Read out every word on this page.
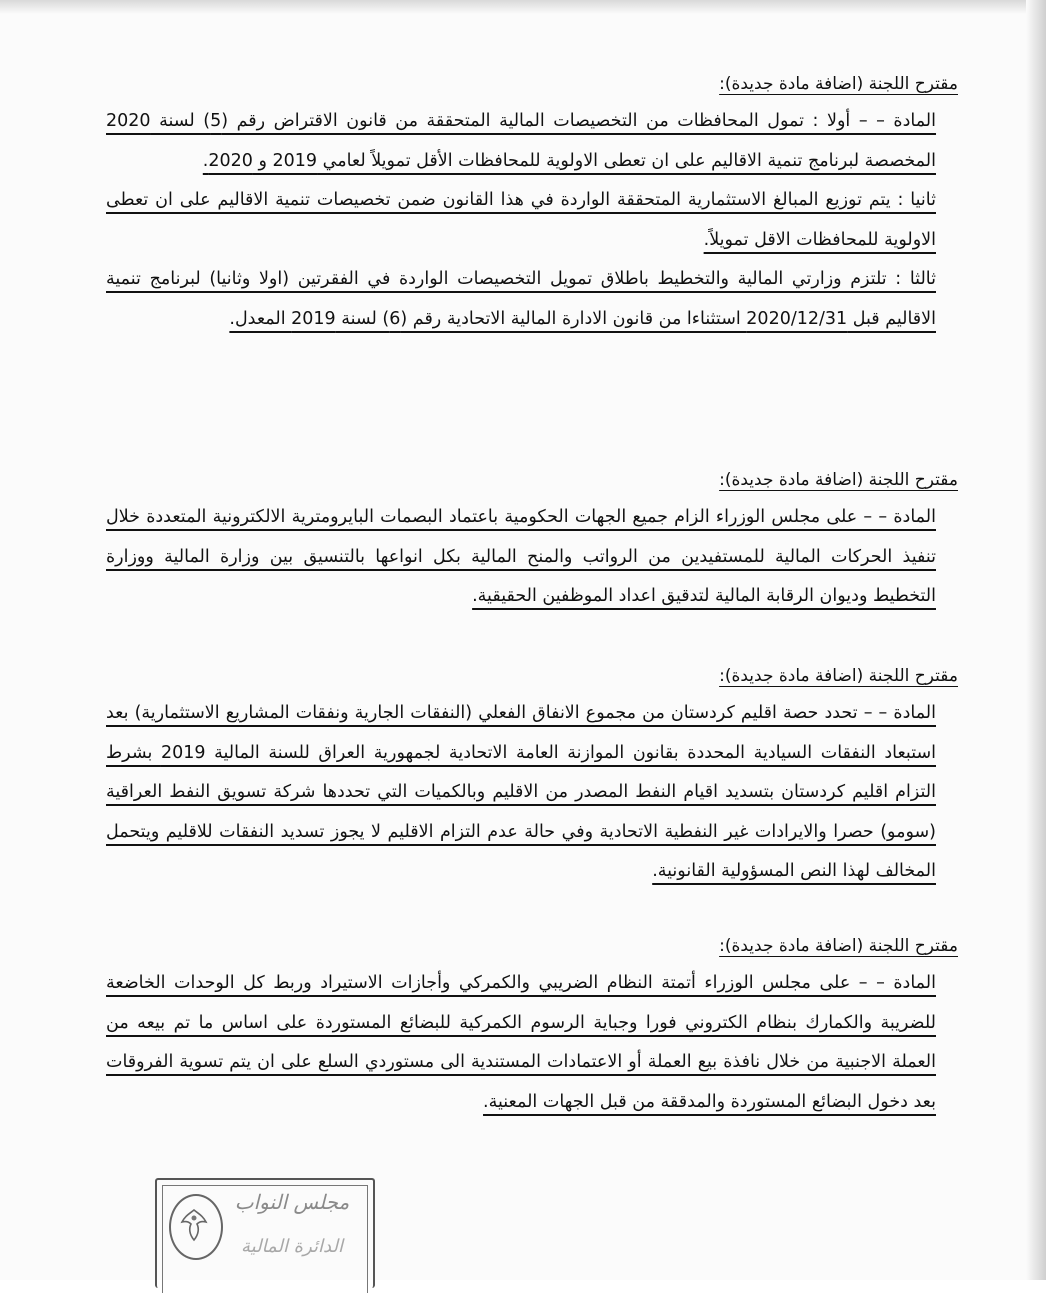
مقترح اللجنة (اضافة مادة جديدة):

المادة – – أولا : تمول المحافظات من التخصيصات المالية المتحققة من قانون الاقتراض رقم (5) لسنة 2020 المخصصة لبرنامج تنمية الاقاليم على ان تعطى الاولوية للمحافظات الأقل تمويلاً لعامي 2019 و 2020.

ثانيا : يتم توزيع المبالغ الاستثمارية المتحققة الواردة في هذا القانون ضمن تخصيصات تنمية الاقاليم على ان تعطى الاولوية للمحافظات الاقل تمويلاً.

ثالثا : تلتزم وزارتي المالية والتخطيط باطلاق تمويل التخصيصات الواردة في الفقرتين (اولا وثانيا) لبرنامج تنمية الاقاليم قبل 2020/12/31 استثناءا من قانون الادارة المالية الاتحادية رقم (6) لسنة 2019 المعدل.

مقترح اللجنة (اضافة مادة جديدة):

المادة – – على مجلس الوزراء الزام جميع الجهات الحكومية باعتماد البصمات البايرومترية الالكترونية المتعددة خلال تنفيذ الحركات المالية للمستفيدين من الرواتب والمنح المالية بكل انواعها بالتنسيق بين وزارة المالية ووزارة التخطيط وديوان الرقابة المالية لتدقيق اعداد الموظفين الحقيقية.

مقترح اللجنة (اضافة مادة جديدة):

المادة – – تحدد حصة اقليم كردستان من مجموع الانفاق الفعلي (النفقات الجارية ونفقات المشاريع الاستثمارية) بعد استبعاد النفقات السيادية المحددة بقانون الموازنة العامة الاتحادية لجمهورية العراق للسنة المالية 2019 بشرط التزام اقليم كردستان بتسديد اقيام النفط المصدر من الاقليم وبالكميات التي تحددها شركة تسويق النفط العراقية (سومو) حصرا والايرادات غير النفطية الاتحادية وفي حالة عدم التزام الاقليم لا يجوز تسديد النفقات للاقليم ويتحمل المخالف لهذا النص المسؤولية القانونية.

مقترح اللجنة (اضافة مادة جديدة):

المادة – – على مجلس الوزراء أتمتة النظام الضريبي والكمركي وأجازات الاستيراد وربط كل الوحدات الخاضعة للضريبة والكمارك بنظام الكتروني فورا وجباية الرسوم الكمركية للبضائع المستوردة على اساس ما تم بيعه من العملة الاجنبية من خلال نافذة بيع العملة أو الاعتمادات المستندية الى مستوردي السلع على ان يتم تسوية الفروقات بعد دخول البضائع المستوردة والمدققة من قبل الجهات المعنية.

مجلس النواب
الدائرة المالية
